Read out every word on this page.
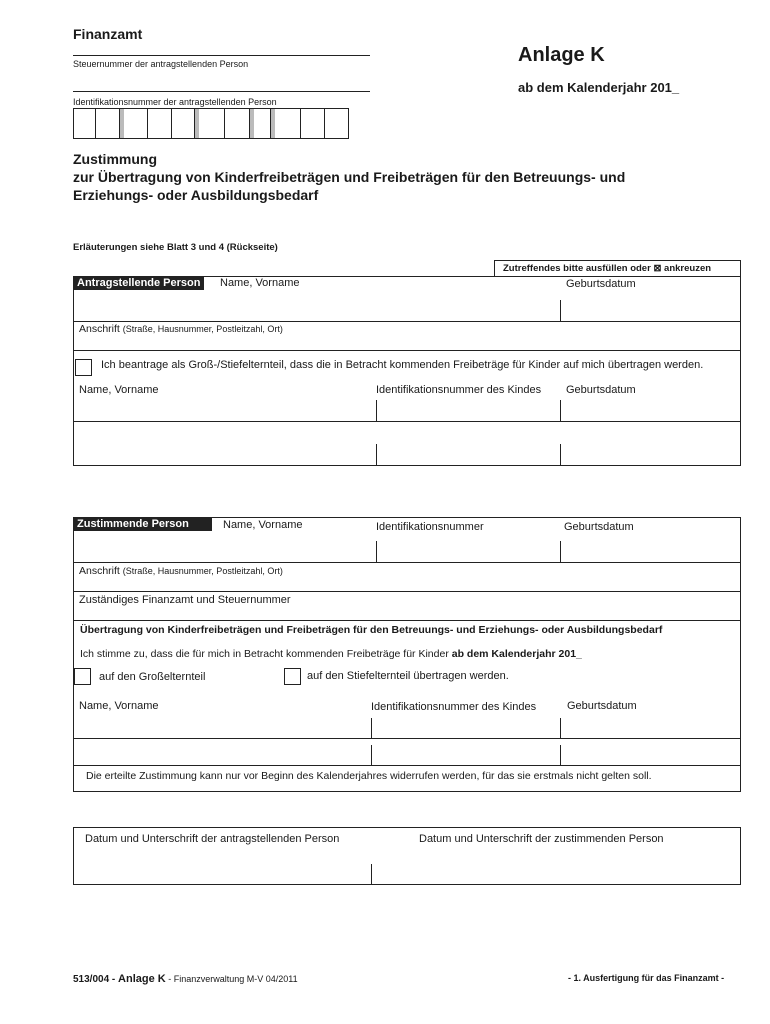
Finanzamt
Steuernummer der antragstellenden Person
Identifikationsnummer der antragstellenden Person
Anlage K
ab dem Kalenderjahr 201_
Zustimmung
zur Übertragung von Kinderfreibeträgen und Freibeträgen für den Betreuungs- und
Erziehungs- oder Ausbildungsbedarf
Erläuterungen siehe Blatt 3 und 4 (Rückseite)
Zutreffendes bitte ausfüllen oder ⊠ ankreuzen
Antragstellende Person	Name, Vorname	Geburtsdatum
Anschrift (Straße, Hausnummer, Postleitzahl, Ort)
Ich beantrage als Groß-/Stiefelternteil, dass die in Betracht kommenden Freibeträge für Kinder auf mich übertragen werden.
Name, Vorname	Identifikationsnummer des Kindes Geburtsdatum
Zustimmende Person	Name, Vorname	Identifikationsnummer	Geburtsdatum
Anschrift (Straße, Hausnummer, Postleitzahl, Ort)
Zuständiges Finanzamt und Steuernummer
Übertragung von Kinderfreibeträgen und Freibeträgen für den Betreuungs- und Erziehungs- oder Ausbildungsbedarf
Ich stimme zu, dass die für mich in Betracht kommenden Freibeträge für Kinder ab dem Kalenderjahr 201_
auf den Großelternteil	auf den Stiefelternteil übertragen werden.
Name, Vorname	Identifikationsnummer des Kindes	Geburtsdatum
Die erteilte Zustimmung kann nur vor Beginn des Kalenderjahres widerrufen werden, für das sie erstmals nicht gelten soll.
Datum und Unterschrift der antragstellenden Person	Datum und Unterschrift der zustimmenden Person
513/004 - Anlage K - Finanzverwaltung M-V 04/2011	- 1. Ausfertigung für das Finanzamt -
